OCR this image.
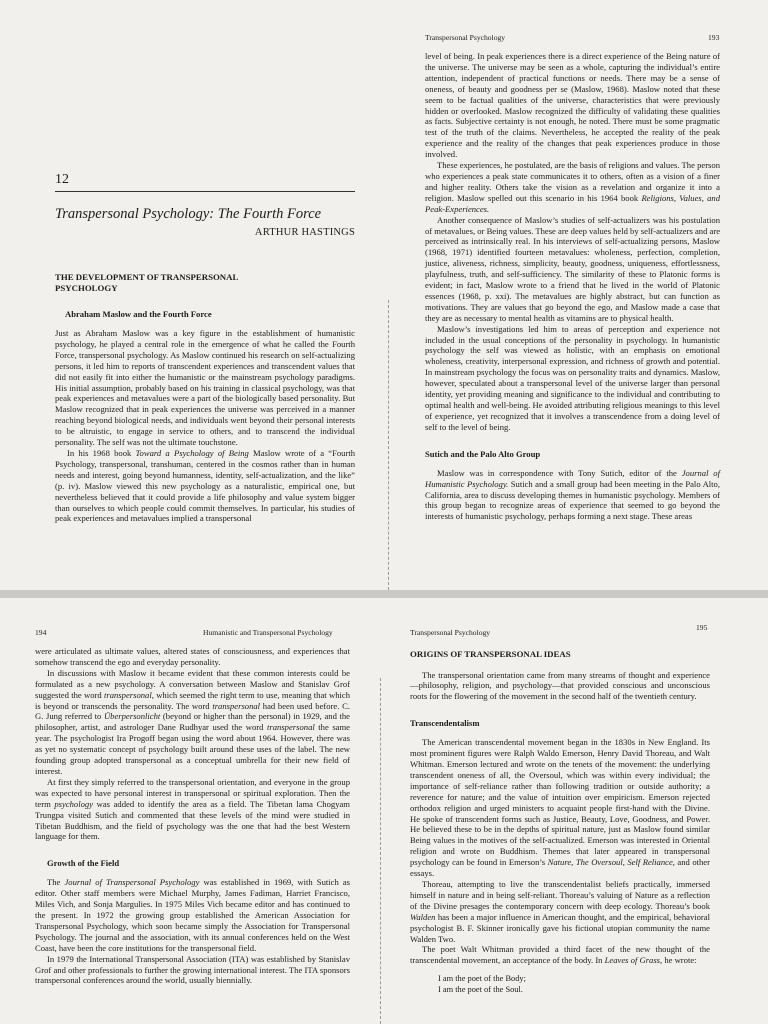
12
Transpersonal Psychology: The Fourth Force
ARTHUR HASTINGS

THE DEVELOPMENT OF TRANSPERSONAL PSYCHOLOGY

Abraham Maslow and the Fourth Force

Just as Abraham Maslow was a key figure in the establishment of humanistic psychology, he played a central role in the emergence of what he called the Fourth Force, transpersonal psychology. As Maslow continued his research on self-actualizing persons, it led him to reports of transcendent experiences and transcendent values that did not easily fit into either the humanistic or the mainstream psychology paradigms. His initial assumption, probably based on his training in classical psychology, was that peak experiences and metavalues were a part of the biologically based personality. But Maslow recognized that in peak experiences the universe was perceived in a manner reaching beyond biological needs, and individuals went beyond their personal interests to be altruistic, to engage in service to others, and to transcend the individual personality. The self was not the ultimate touchstone.

In his 1968 book Toward a Psychology of Being Maslow wrote of a “Fourth Psychology, transpersonal, transhuman, centered in the cosmos rather than in human needs and interest, going beyond humanness, identity, self-actualization, and the like” (p. iv). Maslow viewed this new psychology as a naturalistic, empirical one, but nevertheless believed that it could provide a life philosophy and value system bigger than ourselves to which people could commit themselves. In particular, his studies of peak experiences and metavalues implied a transpersonal

Transpersonal Psychology	193

level of being. In peak experiences there is a direct experience of the Being nature of the universe. The universe may be seen as a whole, capturing the individual’s entire attention, independent of practical functions or needs. There may be a sense of oneness, of beauty and goodness per se (Maslow, 1968). Maslow noted that these seem to be factual qualities of the universe, characteristics that were previously hidden or overlooked. Maslow recognized the difficulty of validating these qualities as facts. Subjective certainty is not enough, he noted. There must be some pragmatic test of the truth of the claims. Nevertheless, he accepted the reality of the peak experience and the reality of the changes that peak experiences produce in those involved.

These experiences, he postulated, are the basis of religions and values. The person who experiences a peak state communicates it to others, often as a vision of a finer and higher reality. Others take the vision as a revelation and organize it into a religion. Maslow spelled out this scenario in his 1964 book Religions, Values, and Peak-Experiences.

Another consequence of Maslow’s studies of self-actualizers was his postulation of metavalues, or Being values. These are deep values held by self-actualizers and are perceived as intrinsically real. In his interviews of self-actualizing persons, Maslow (1968, 1971) identified fourteen metavalues: wholeness, perfection, completion, justice, aliveness, richness, simplicity, beauty, goodness, uniqueness, effortlessness, playfulness, truth, and self-sufficiency. The similarity of these to Platonic forms is evident; in fact, Maslow wrote to a friend that he lived in the world of Platonic essences (1968, p. xxi). The metavalues are highly abstract, but can function as motivations. They are values that go beyond the ego, and Maslow made a case that they are as necessary to mental health as vitamins are to physical health.

Maslow’s investigations led him to areas of perception and experience not included in the usual conceptions of the personality in psychology. In humanistic psychology the self was viewed as holistic, with an emphasis on emotional wholeness, creativity, interpersonal expression, and richness of growth and potential. In mainstream psychology the focus was on personality traits and dynamics. Maslow, however, speculated about a transpersonal level of the universe larger than personal identity, yet providing meaning and significance to the individual and contributing to optimal health and well-being. He avoided attributing religious meanings to this level of experience, yet recognized that it involves a transcendence from a doing level of self to the level of being.

Sutich and the Palo Alto Group

Maslow was in correspondence with Tony Sutich, editor of the Journal of Humanistic Psychology. Sutich and a small group had been meeting in the Palo Alto, California, area to discuss developing themes in humanistic psychology. Members of this group began to recognize areas of experience that seemed to go beyond the interests of humanistic psychology, perhaps forming a next stage. These areas

194	Humanistic and Transpersonal Psychology

were articulated as ultimate values, altered states of consciousness, and experiences that somehow transcend the ego and everyday personality.

In discussions with Maslow it became evident that these common interests could be formulated as a new psychology. A conversation between Maslow and Stanislav Grof suggested the word transpersonal, which seemed the right term to use, meaning that which is beyond or transcends the personality. The word transpersonal had been used before. C. G. Jung referred to Überpersonlicht (beyond or higher than the personal) in 1929, and the philosopher, artist, and astrologer Dane Rudhyar used the word transpersonal the same year. The psychologist Ira Progoff began using the word about 1964. However, there was as yet no systematic concept of psychology built around these uses of the label. The new founding group adopted transpersonal as a conceptual umbrella for their new field of interest.

At first they simply referred to the transpersonal orientation, and everyone in the group was expected to have personal interest in transpersonal or spiritual exploration. Then the term psychology was added to identify the area as a field. The Tibetan lama Chogyam Trungpa visited Sutich and commented that these levels of the mind were studied in Tibetan Buddhism, and the field of psychology was the one that had the best Western language for them.

Growth of the Field

The Journal of Transpersonal Psychology was established in 1969, with Sutich as editor. Other staff members were Michael Murphy, James Fadiman, Harriet Francisco, Miles Vich, and Sonja Margulies. In 1975 Miles Vich became editor and has continued to the present. In 1972 the growing group established the American Association for Transpersonal Psychology, which soon became simply the Association for Transpersonal Psychology. The journal and the association, with its annual conferences held on the West Coast, have been the core institutions for the transpersonal field.

In 1979 the International Transpersonal Association (ITA) was established by Stanislav Grof and other professionals to further the growing international interest. The ITA sponsors transpersonal conferences around the world, usually biennially.

Transpersonal Psychology
195

ORIGINS OF TRANSPERSONAL IDEAS

The transpersonal orientation came from many streams of thought and experience—philosophy, religion, and psychology—that provided conscious and unconscious roots for the flowering of the movement in the second half of the twentieth century.

Transcendentalism

The American transcendental movement began in the 1830s in New England. Its most prominent figures were Ralph Waldo Emerson, Henry David Thoreau, and Walt Whitman. Emerson lectured and wrote on the tenets of the movement: the underlying transcendent oneness of all, the Oversoul, which was within every individual; the importance of self-reliance rather than following tradition or outside authority; a reverence for nature; and the value of intuition over empiricism. Emerson rejected orthodox religion and urged ministers to acquaint people first-hand with the Divine. He spoke of transcendent forms such as Justice, Beauty, Love, Goodness, and Power. He believed these to be in the depths of spiritual nature, just as Maslow found similar Being values in the motives of the self-actualized. Emerson was interested in Oriental religion and wrote on Buddhism. Themes that later appeared in transpersonal psychology can be found in Emerson’s Nature, The Oversoul, Self Reliance, and other essays.

Thoreau, attempting to live the transcendentalist beliefs practically, immersed himself in nature and in being self-reliant. Thoreau’s valuing of Nature as a reflection of the Divine presages the contemporary concern with deep ecology. Thoreau’s book Walden has been a major influence in American thought, and the empirical, behavioral psychologist B. F. Skinner ironically gave his fictional utopian community the name Walden Two.

The poet Walt Whitman provided a third facet of the new thought of the transcendental movement, an acceptance of the body. In Leaves of Grass, he wrote:

I am the poet of the Body;

I am the poet of the Soul.
